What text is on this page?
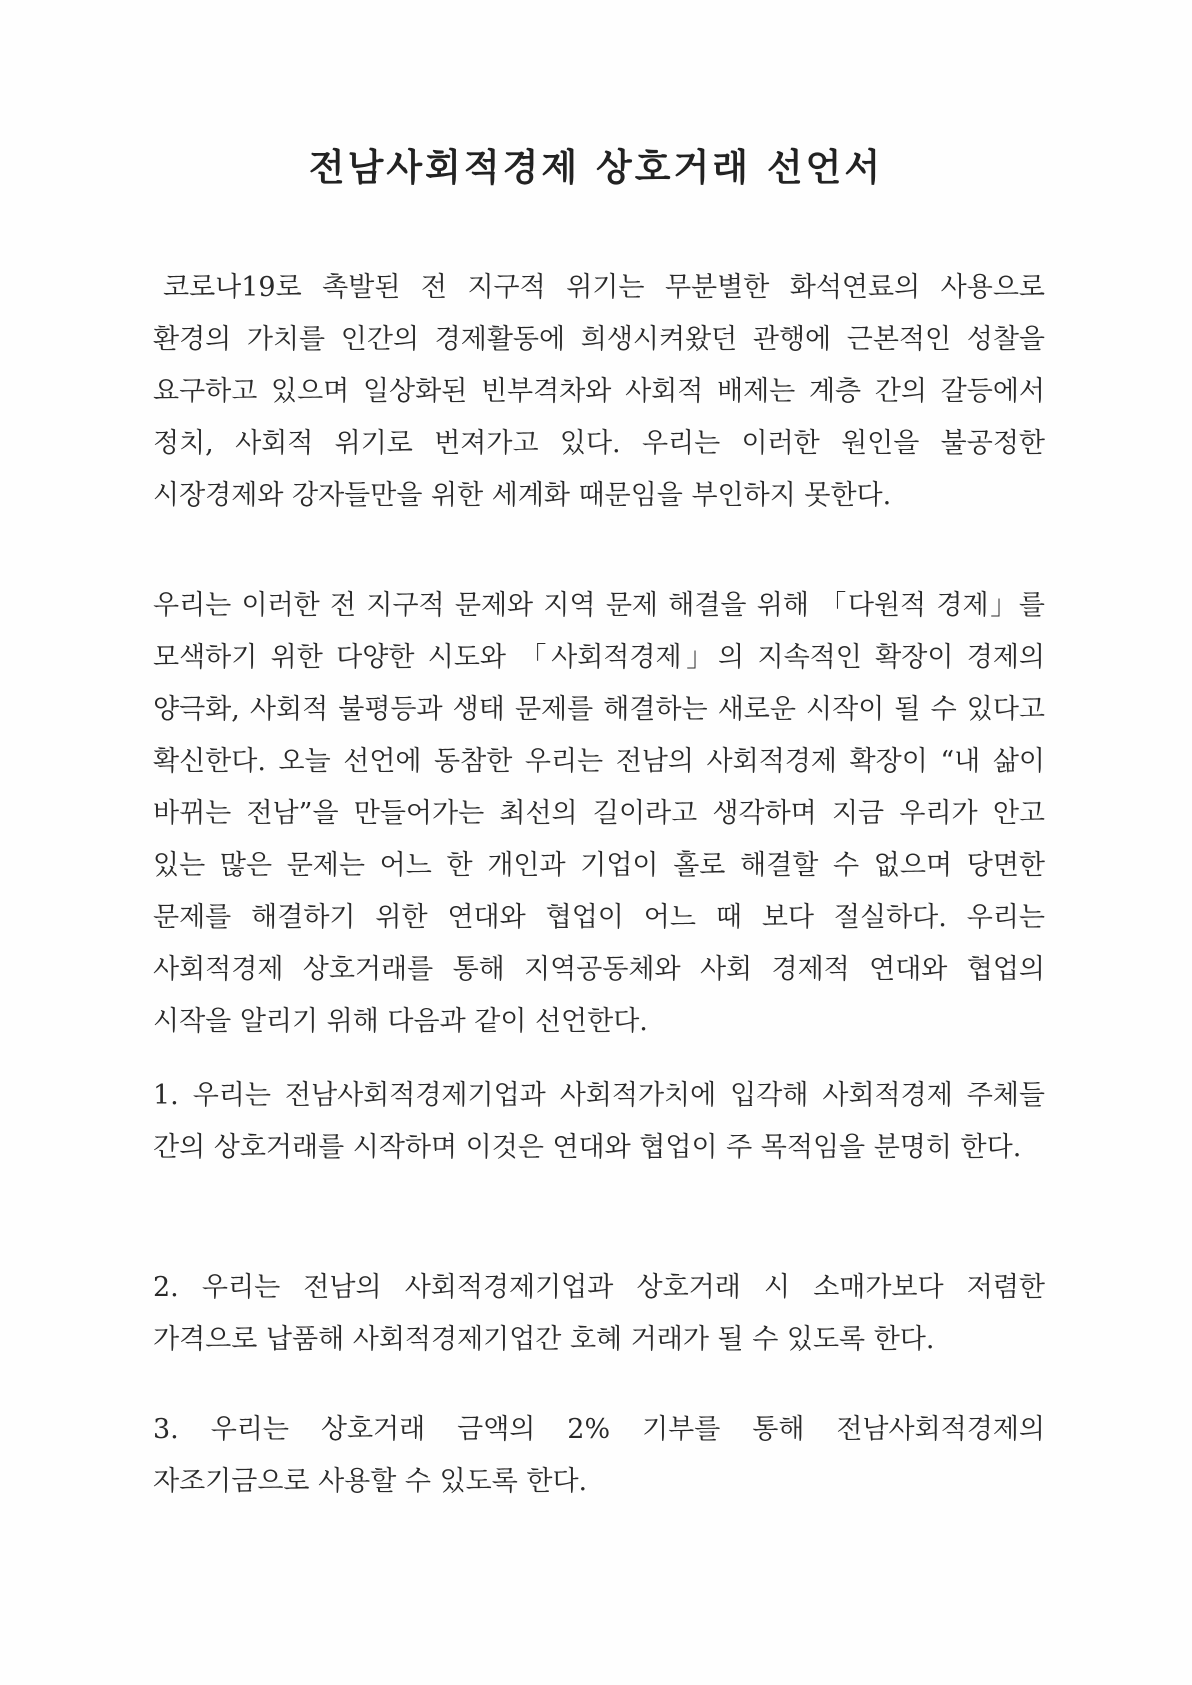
전남사회적경제 상호거래 선언서

코로나19로 촉발된 전 지구적 위기는 무분별한 화석연료의 사용으로 환경의 가치를 인간의 경제활동에 희생시켜왔던 관행에 근본적인 성찰을 요구하고 있으며 일상화된 빈부격차와 사회적 배제는 계층 간의 갈등에서 정치, 사회적 위기로 번져가고 있다. 우리는 이러한 원인을 불공정한 시장경제와 강자들만을 위한 세계화 때문임을 부인하지 못한다.

우리는 이러한 전 지구적 문제와 지역 문제 해결을 위해 「다원적 경제」를 모색하기 위한 다양한 시도와 「사회적경제」의 지속적인 확장이 경제의 양극화, 사회적 불평등과 생태 문제를 해결하는 새로운 시작이 될 수 있다고 확신한다. 오늘 선언에 동참한 우리는 전남의 사회적경제 확장이 “내 삶이 바뀌는 전남”을 만들어가는 최선의 길이라고 생각하며 지금 우리가 안고 있는 많은 문제는 어느 한 개인과 기업이 홀로 해결할 수 없으며 당면한 문제를 해결하기 위한 연대와 협업이 어느 때 보다 절실하다. 우리는 사회적경제 상호거래를 통해 지역공동체와 사회 경제적 연대와 협업의 시작을 알리기 위해 다음과 같이 선언한다.

1. 우리는 전남사회적경제기업과 사회적가치에 입각해 사회적경제 주체들 간의 상호거래를 시작하며 이것은 연대와 협업이 주 목적임을 분명히 한다.

2. 우리는 전남의 사회적경제기업과 상호거래 시 소매가보다 저렴한 가격으로 납품해 사회적경제기업간 호혜 거래가 될 수 있도록 한다.

3. 우리는 상호거래 금액의 2% 기부를 통해 전남사회적경제의 자조기금으로 사용할 수 있도록 한다.
